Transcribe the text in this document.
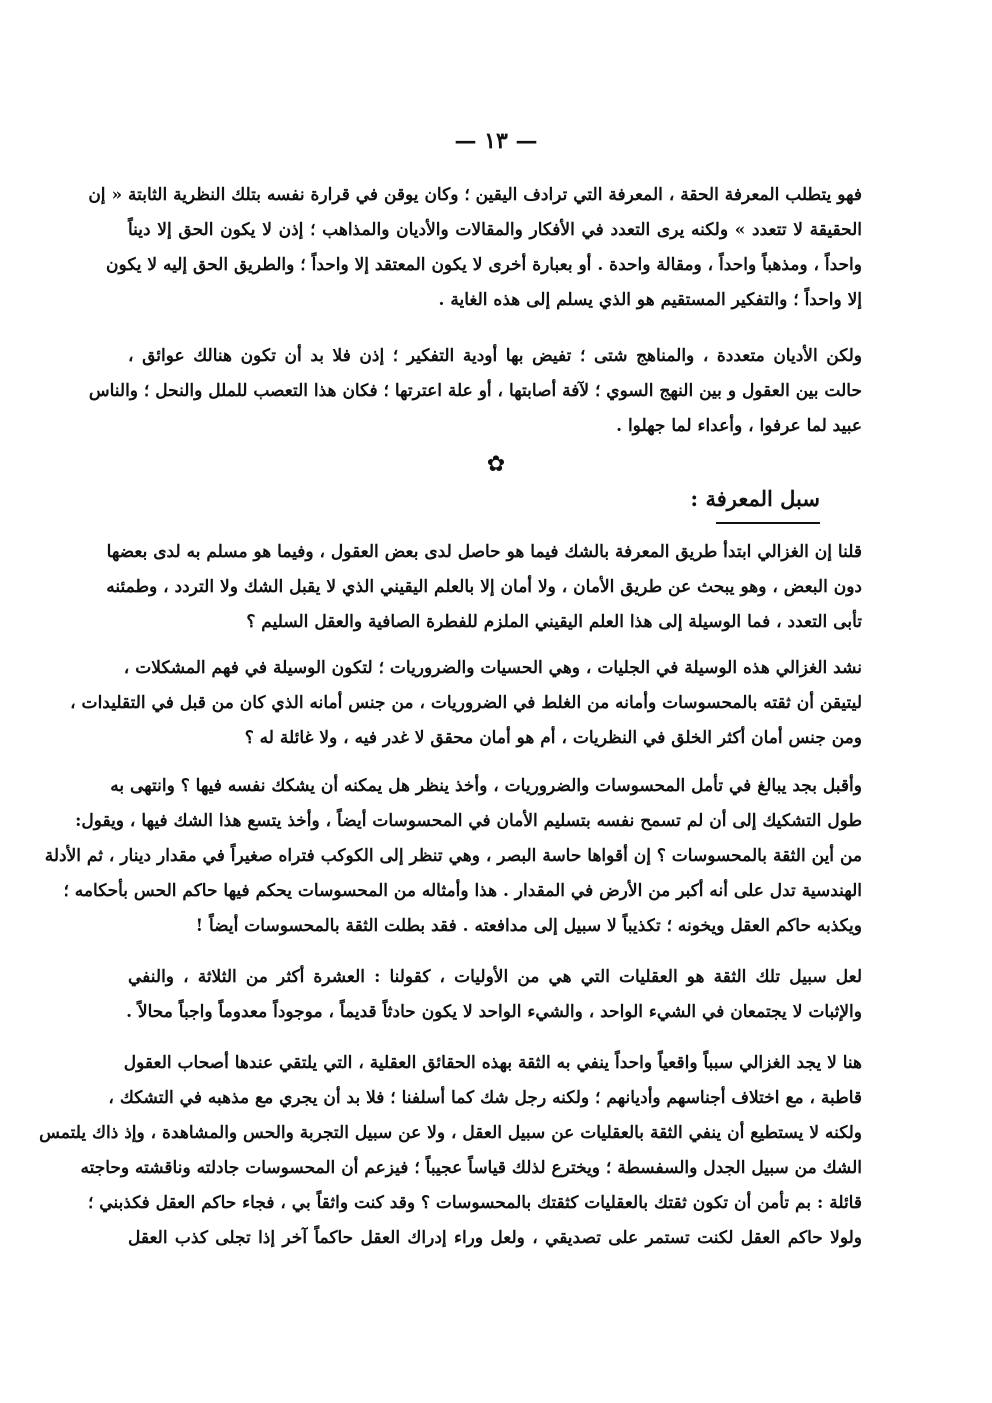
— ١٣ —
فهو يتطلب المعرفة الحقة ، المعرفة التي ترادف اليقين ؛ وكان يوقن في قرارة نفسه بتلك النظرية الثابتة « إن
الحقيقة لا تتعدد » ولكنه يرى التعدد في الأفكار والمقالات والأديان والمذاهب ؛ إذن لا يكون الحق إلا ديناً
واحداً ، ومذهباً واحداً ، ومقالة واحدة . أو بعبارة أخرى لا يكون المعتقد إلا واحداً ؛ والطريق الحق إليه لا يكون
إلا واحداً ؛ والتفكير المستقيم هو الذي يسلم إلى هذه الغاية .
ولكن الأديان متعددة ، والمناهج شتى ؛ تفيض بها أودية التفكير ؛ إذن فلا بد أن تكون هنالك عوائق ،
حالت بين العقول و بين النهج السوي ؛ لآفة أصابتها ، أو علة اعترتها ؛ فكان هذا التعصب للملل والنحل ؛ والناس
عبيد لما عرفوا ، وأعداء لما جهلوا .
✿
سبل المعرفة :
قلنا إن الغزالي ابتدأ طريق المعرفة بالشك فيما هو حاصل لدى بعض العقول ، وفيما هو مسلم به لدى بعضها
دون البعض ، وهو يبحث عن طريق الأمان ، ولا أمان إلا بالعلم اليقيني الذي لا يقبل الشك ولا التردد ، وطمئنه
تأبى التعدد ، فما الوسيلة إلى هذا العلم اليقيني الملزم للفطرة الصافية والعقل السليم ؟
نشد الغزالي هذه الوسيلة في الجليات ، وهي الحسيات والضروريات ؛ لتكون الوسيلة في فهم المشكلات ،
ليتيقن أن ثقته بالمحسوسات وأمانه من الغلط في الضروريات ، من جنس أمانه الذي كان من قبل في التقليدات ،
ومن جنس أمان أكثر الخلق في النظريات ، أم هو أمان محقق لا غدر فيه ، ولا غائلة له ؟
وأقبل بجد يبالغ في تأمل المحسوسات والضروريات ، وأخذ ينظر هل يمكنه أن يشكك نفسه فيها ؟ وانتهى به
طول التشكيك إلى أن لم تسمح نفسه بتسليم الأمان في المحسوسات أيضاً ، وأخذ يتسع هذا الشك فيها ، ويقول:
من أين الثقة بالمحسوسات ؟ إن أقواها حاسة البصر ، وهي تنظر إلى الكوكب فتراه صغيراً في مقدار دينار ، ثم الأدلة
الهندسية تدل على أنه أكبر من الأرض في المقدار . هذا وأمثاله من المحسوسات يحكم فيها حاكم الحس بأحكامه ؛
ويكذبه حاكم العقل ويخونه ؛ تكذيباً لا سبيل إلى مدافعته . فقد بطلت الثقة بالمحسوسات أيضاً !
لعل سبيل تلك الثقة هو العقليات التي هي من الأوليات ، كقولنا : العشرة أكثر من الثلاثة ، والنفي
والإثبات لا يجتمعان في الشيء الواحد ، والشيء الواحد لا يكون حادثاً قديماً ، موجوداً معدوماً واجباً محالاً .
هنا لا يجد الغزالي سبباً واقعياً واحداً ينفي به الثقة بهذه الحقائق العقلية ، التي يلتقي عندها أصحاب العقول
قاطبة ، مع اختلاف أجناسهم وأديانهم ؛ ولكنه رجل شك كما أسلفنا ؛ فلا بد أن يجري مع مذهبه في التشكك ،
ولكنه لا يستطيع أن ينفي الثقة بالعقليات عن سبيل العقل ، ولا عن سبيل التجربة والحس والمشاهدة ، وإذ ذاك يلتمس
الشك من سبيل الجدل والسفسطة ؛ ويخترع لذلك قياساً عجيباً ؛ فيزعم أن المحسوسات جادلته وناقشته وحاجته
قائلة : بم تأمن أن تكون ثقتك بالعقليات كثقتك بالمحسوسات ؟ وقد كنت واثقاً بي ، فجاء حاكم العقل فكذبني ؛
ولولا حاكم العقل لكنت تستمر على تصديقي ، ولعل وراء إدراك العقل حاكماً آخر إذا تجلى كذب العقل
